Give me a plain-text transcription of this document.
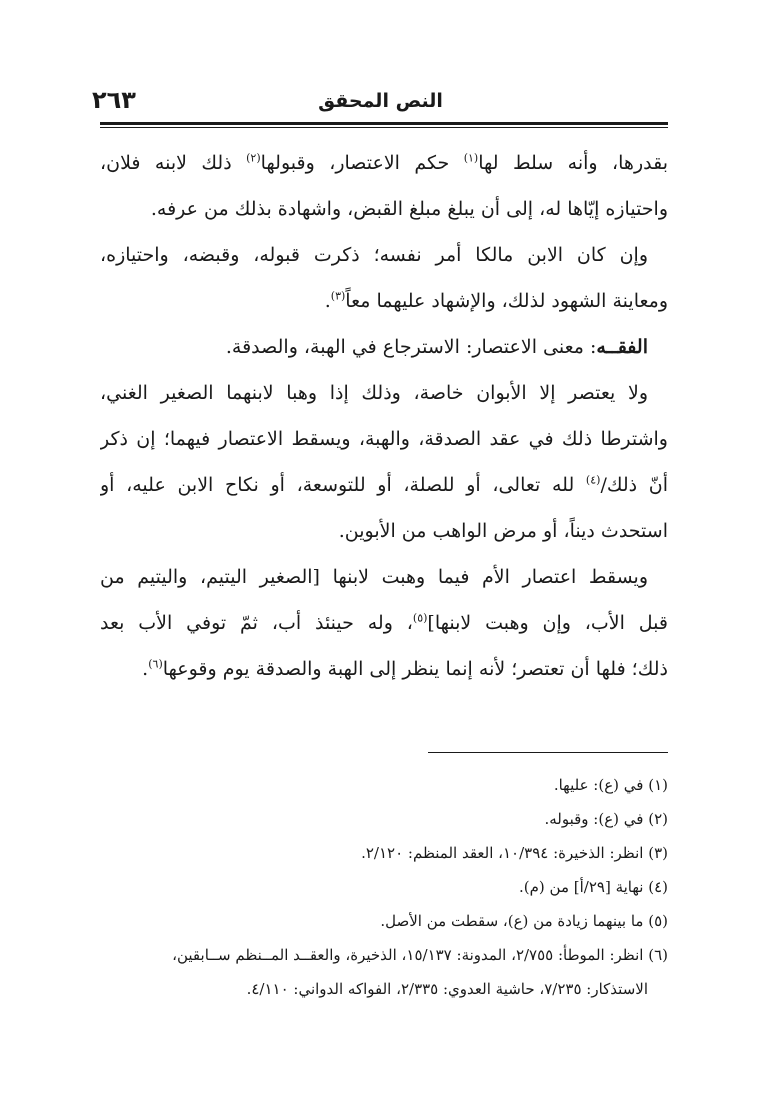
٢٦٣	النص المحقق
بقدرها، وأنه سلط لها$^{(١)}$ حكم الاعتصار، وقبولها$^{(٢)}$ ذلك لابنه فلان،
واحتيازه إيّاها له، إلى أن يبلغ مبلغ القبض، واشهادة بذلك من عرفه.
وإن كان الابن مالكا أمر نفسه؛ ذكرت قبوله، وقبضه، واحتيازه،
ومعاينة الشهود لذلك، والإشهاد عليهما معاً$^{(٣)}$.
الفقــه: معنى الاعتصار: الاسترجاع في الهبة، والصدقة.
ولا يعتصر إلا الأبوان خاصة، وذلك إذا وهبا لابنهما الصغير الغني،
واشترطا ذلك في عقد الصدقة، والهبة، ويسقط الاعتصار فيهما؛ إن ذكر
أنّ ذلك/$^{(٤)}$ لله تعالى، أو للصلة، أو للتوسعة، أو نكاح الابن عليه، أو
استحدث ديناً، أو مرض الواهب من الأبوين.
ويسقط اعتصار الأم فيما وهبت لابنها [الصغير اليتيم، واليتيم من
قبل الأب، وإن وهبت لابنها]$^{(٥)}$، وله حينئذ أب، ثمّ توفي الأب بعد
ذلك؛ فلها أن تعتصر؛ لأنه إنما ينظر إلى الهبة والصدقة يوم وقوعها$^{(٦)}$.
(١) في (ع): عليها.
(٢) في (ع): وقبوله.
(٣) انظر: الذخيرة: ١٠/٣٩٤، العقد المنظم: ٢/١٢٠.
(٤) نهاية [٢٩/أ] من (م).
(٥) ما بينهما زيادة من (ع)، سقطت من الأصل.
(٦) انظر: الموطأ: ٢/٧٥٥، المدونة: ١٥/١٣٧، الذخيرة، والعقــد المــنظم ســابقين،
الاستذكار: ٧/٢٣٥، حاشية العدوي: ٢/٣٣٥، الفواكه الدواني: ٤/١١٠.
